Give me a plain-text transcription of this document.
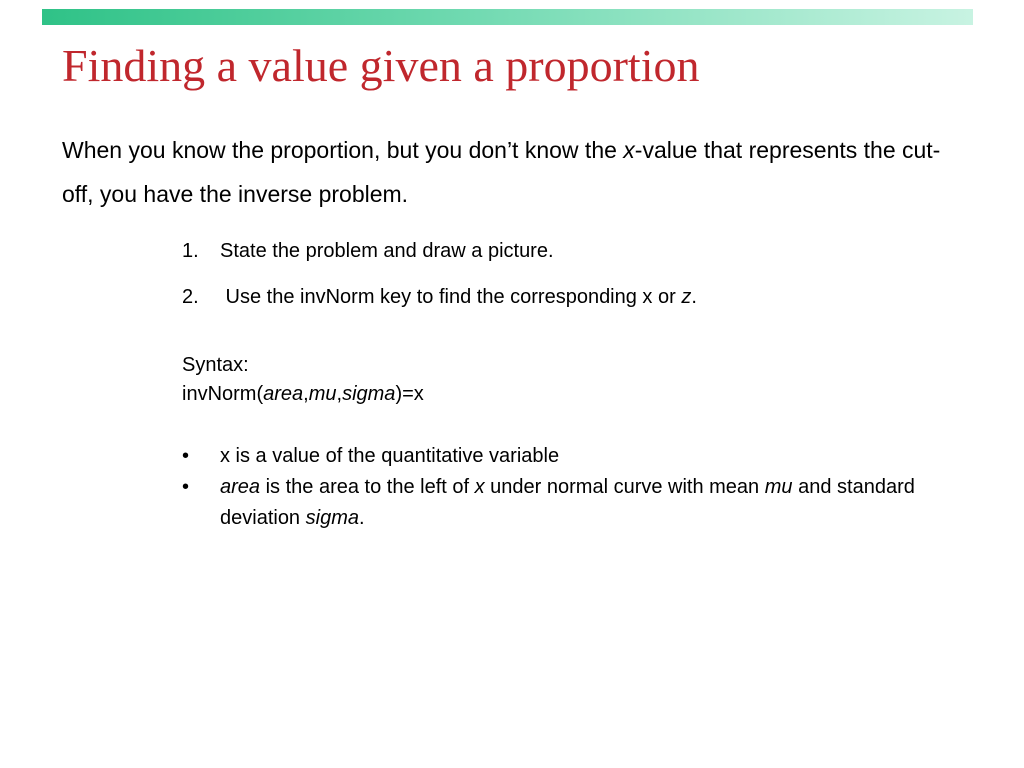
Finding a value given a proportion

When you know the proportion, but you don’t know the x-value that represents the cut-off, you have the inverse problem.

1.	State the problem and draw a picture.
2.	Use the invNorm key to find the corresponding x or z.
Syntax:
invNorm(area,mu,sigma)=x
•	x is a value of the quantitative variable
•	area is the area to the left of x under normal curve with mean mu and standard deviation sigma.
